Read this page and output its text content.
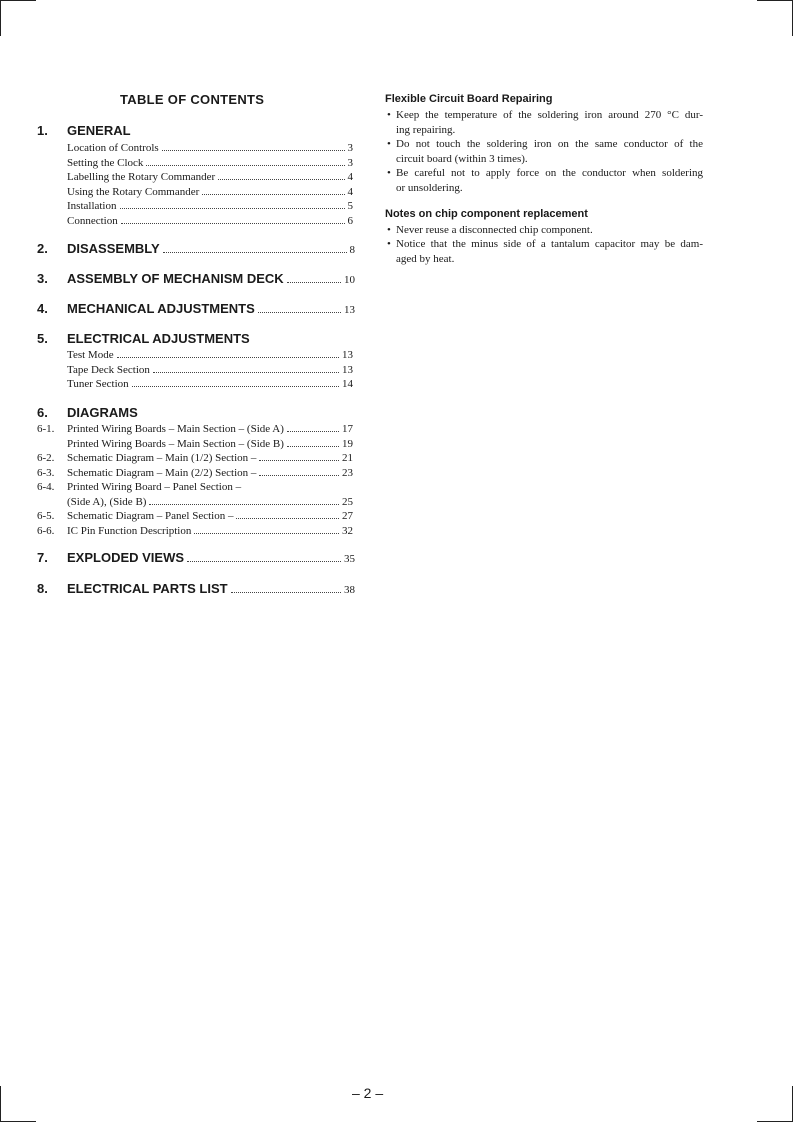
TABLE OF CONTENTS
1.	GENERAL
Location of Controls	3
Setting the Clock	3
Labelling the Rotary Commander	4
Using the Rotary Commander	4
Installation	5
Connection	6
2.	DISASSEMBLY	8
3.	ASSEMBLY OF MECHANISM DECK	10
4.	MECHANICAL ADJUSTMENTS	13
5.	ELECTRICAL ADJUSTMENTS
Test Mode	13
Tape Deck Section	13
Tuner Section	14
6.	DIAGRAMS
6-1.	Printed Wiring Boards – Main Section – (Side A)	17
Printed Wiring Boards – Main Section – (Side B)	19
6-2.	Schematic Diagram – Main (1/2) Section –	21
6-3.	Schematic Diagram – Main (2/2) Section –	23
6-4.	Printed Wiring Board – Panel Section –
(Side A), (Side B)	25
6-5.	Schematic Diagram – Panel Section –	27
6-6.	IC Pin Function Description	32
7.	EXPLODED VIEWS	35
8.	ELECTRICAL PARTS LIST	38
Flexible Circuit Board Repairing
• Keep the temperature of the soldering iron around 270 °C dur-
ing repairing.
• Do not touch the soldering iron on the same conductor of the
circuit board (within 3 times).
• Be careful not to apply force on the conductor when soldering
or unsoldering.
Notes on chip component replacement
• Never reuse a disconnected chip component.
• Notice that the minus side of a tantalum capacitor may be dam-
aged by heat.
– 2 –
